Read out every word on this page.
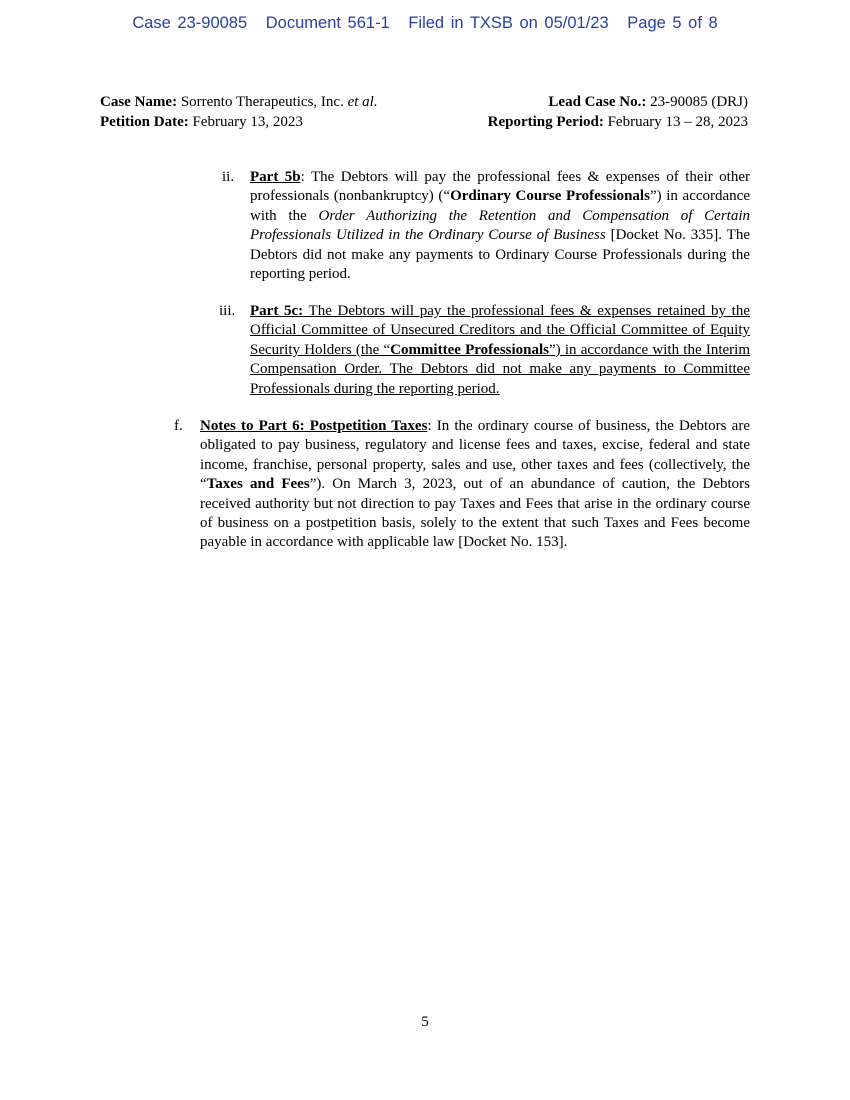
Case 23-90085 Document 561-1 Filed in TXSB on 05/01/23 Page 5 of 8
Case Name: Sorrento Therapeutics, Inc. et al.	Lead Case No.: 23-90085 (DRJ)
Petition Date: February 13, 2023	Reporting Period: February 13 – 28, 2023
ii. Part 5b: The Debtors will pay the professional fees & expenses of their other professionals (nonbankruptcy) (“Ordinary Course Professionals”) in accordance with the Order Authorizing the Retention and Compensation of Certain Professionals Utilized in the Ordinary Course of Business [Docket No. 335]. The Debtors did not make any payments to Ordinary Course Professionals during the reporting period.

iii. Part 5c: The Debtors will pay the professional fees & expenses retained by the Official Committee of Unsecured Creditors and the Official Committee of Equity Security Holders (the “Committee Professionals”) in accordance with the Interim Compensation Order. The Debtors did not make any payments to Committee Professionals during the reporting period.

f. Notes to Part 6: Postpetition Taxes: In the ordinary course of business, the Debtors are obligated to pay business, regulatory and license fees and taxes, excise, federal and state income, franchise, personal property, sales and use, other taxes and fees (collectively, the “Taxes and Fees”). On March 3, 2023, out of an abundance of caution, the Debtors received authority but not direction to pay Taxes and Fees that arise in the ordinary course of business on a postpetition basis, solely to the extent that such Taxes and Fees become payable in accordance with applicable law [Docket No. 153].

5
